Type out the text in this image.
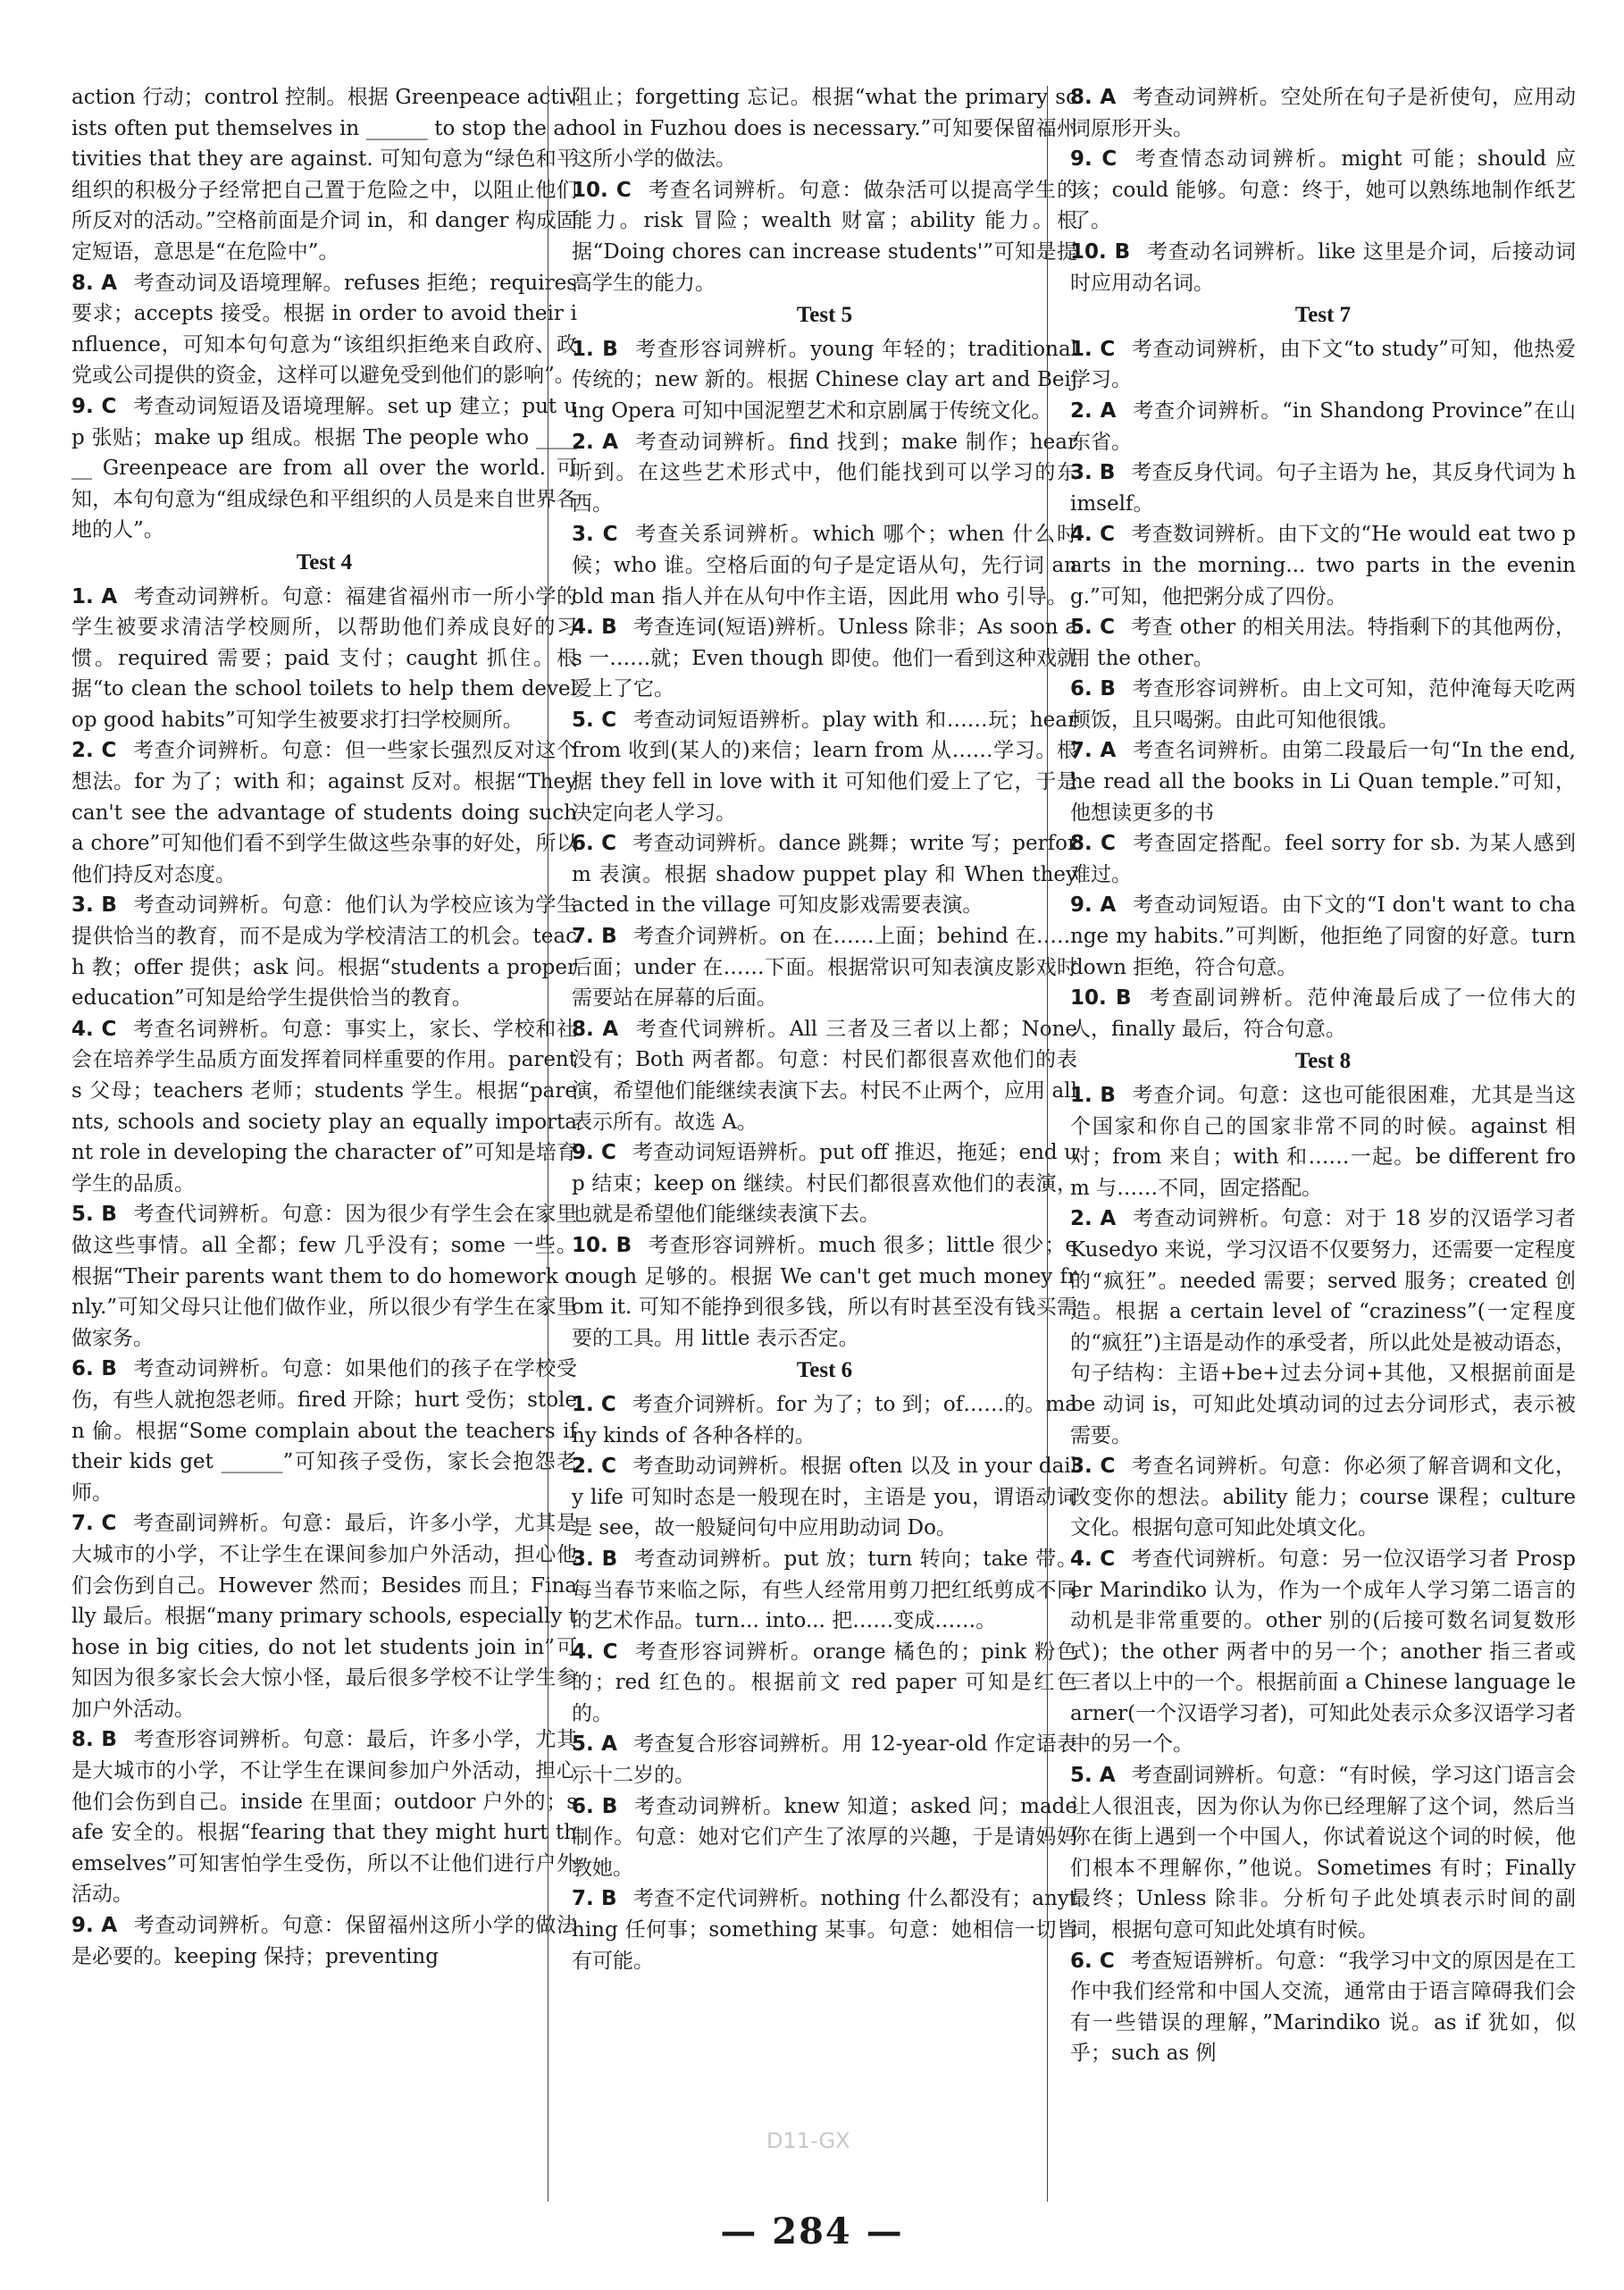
action 行动；control 控制。根据 Greenpeace activists often put themselves in ______ to stop the activities that they are against. 可知句意为“绿色和平组织的积极分子经常把自己置于危险之中，以阻止他们所反对的活动。”空格前面是介词 in，和 danger 构成固定短语，意思是“在危险中”。

8. A 考查动词及语境理解。refuses 拒绝；requires 要求；accepts 接受。根据 in order to avoid their influence，可知本句句意为“该组织拒绝来自政府、政党或公司提供的资金，这样可以避免受到他们的影响”。

9. C 考查动词短语及语境理解。set up 建立；put up 张贴；make up 组成。根据 The people who ______ Greenpeace are from all over the world. 可知，本句句意为“组成绿色和平组织的人员是来自世界各地的人”。

Test 4

1. A 考查动词辨析。句意：福建省福州市一所小学的学生被要求清洁学校厕所，以帮助他们养成良好的习惯。required 需要；paid 支付；caught 抓住。根据“to clean the school toilets to help them develop good habits”可知学生被要求打扫学校厕所。

2. C 考查介词辨析。句意：但一些家长强烈反对这个想法。for 为了；with 和；against 反对。根据“They can't see the advantage of students doing such a chore”可知他们看不到学生做这些杂事的好处，所以他们持反对态度。

3. B 考查动词辨析。句意：他们认为学校应该为学生提供恰当的教育，而不是成为学校清洁工的机会。teach 教；offer 提供；ask 问。根据“students a proper education”可知是给学生提供恰当的教育。

4. C 考查名词辨析。句意：事实上，家长、学校和社会在培养学生品质方面发挥着同样重要的作用。parents 父母；teachers 老师；students 学生。根据“parents, schools and society play an equally important role in developing the character of”可知是培育学生的品质。

5. B 考查代词辨析。句意：因为很少有学生会在家里做这些事情。all 全都；few 几乎没有；some 一些。根据“Their parents want them to do homework only.”可知父母只让他们做作业，所以很少有学生在家里做家务。

6. B 考查动词辨析。句意：如果他们的孩子在学校受伤，有些人就抱怨老师。fired 开除；hurt 受伤；stolen 偷。根据“Some complain about the teachers if their kids get ______”可知孩子受伤，家长会抱怨老师。

7. C 考查副词辨析。句意：最后，许多小学，尤其是大城市的小学，不让学生在课间参加户外活动，担心他们会伤到自己。However 然而；Besides 而且；Finally 最后。根据“many primary schools, especially those in big cities, do not let students join in”可知因为很多家长会大惊小怪，最后很多学校不让学生参加户外活动。

8. B 考查形容词辨析。句意：最后，许多小学，尤其是大城市的小学，不让学生在课间参加户外活动，担心他们会伤到自己。inside 在里面；outdoor 户外的；safe 安全的。根据“fearing that they might hurt themselves”可知害怕学生受伤，所以不让他们进行户外活动。

9. A 考查动词辨析。句意：保留福州这所小学的做法是必要的。keeping 保持；preventing

阻止；forgetting 忘记。根据“what the primary school in Fuzhou does is necessary.”可知要保留福州这所小学的做法。

10. C 考查名词辨析。句意：做杂活可以提高学生的能力。risk 冒险；wealth 财富；ability 能力。根据“Doing chores can increase students'”可知是提高学生的能力。

Test 5

1. B 考查形容词辨析。young 年轻的；traditional 传统的；new 新的。根据 Chinese clay art and Beijing Opera 可知中国泥塑艺术和京剧属于传统文化。

2. A 考查动词辨析。find 找到；make 制作；hear 听到。在这些艺术形式中，他们能找到可以学习的东西。

3. C 考查关系词辨析。which 哪个；when 什么时候；who 谁。空格后面的句子是定语从句，先行词 an old man 指人并在从句中作主语，因此用 who 引导。

4. B 考查连词(短语)辨析。Unless 除非；As soon as 一……就；Even though 即使。他们一看到这种戏就爱上了它。

5. C 考查动词短语辨析。play with 和……玩；hear from 收到(某人的)来信；learn from 从……学习。根据 they fell in love with it 可知他们爱上了它，于是决定向老人学习。

6. C 考查动词辨析。dance 跳舞；write 写；perform 表演。根据 shadow puppet play 和 When they acted in the village 可知皮影戏需要表演。

7. B 考查介词辨析。on 在……上面；behind 在……后面；under 在……下面。根据常识可知表演皮影戏时需要站在屏幕的后面。

8. A 考查代词辨析。All 三者及三者以上都；None 没有；Both 两者都。句意：村民们都很喜欢他们的表演，希望他们能继续表演下去。村民不止两个，应用 all 表示所有。故选 A。

9. C 考查动词短语辨析。put off 推迟，拖延；end up 结束；keep on 继续。村民们都很喜欢他们的表演，也就是希望他们能继续表演下去。

10. B 考查形容词辨析。much 很多；little 很少；enough 足够的。根据 We can't get much money from it. 可知不能挣到很多钱，所以有时甚至没有钱买需要的工具。用 little 表示否定。

Test 6

1. C 考查介词辨析。for 为了；to 到；of……的。many kinds of 各种各样的。

2. C 考查助动词辨析。根据 often 以及 in your daily life 可知时态是一般现在时，主语是 you，谓语动词是 see，故一般疑问句中应用助动词 Do。

3. B 考查动词辨析。put 放；turn 转向；take 带。每当春节来临之际，有些人经常用剪刀把红纸剪成不同的艺术作品。turn... into... 把……变成……。

4. C 考查形容词辨析。orange 橘色的；pink 粉色的；red 红色的。根据前文 red paper 可知是红色的。

5. A 考查复合形容词辨析。用 12-year-old 作定语表示十二岁的。

6. B 考查动词辨析。knew 知道；asked 问；made 制作。句意：她对它们产生了浓厚的兴趣，于是请妈妈教她。

7. B 考查不定代词辨析。nothing 什么都没有；anything 任何事；something 某事。句意：她相信一切皆有可能。

8. A 考查动词辨析。空处所在句子是祈使句，应用动词原形开头。

9. C 考查情态动词辨析。might 可能；should 应该；could 能够。句意：终于，她可以熟练地制作纸艺了。

10. B 考查动名词辨析。like 这里是介词，后接动词时应用动名词。

Test 7

1. C 考查动词辨析，由下文“to study”可知，他热爱学习。

2. A 考查介词辨析。“in Shandong Province”在山东省。

3. B 考查反身代词。句子主语为 he，其反身代词为 himself。

4. C 考查数词辨析。由下文的“He would eat two parts in the morning... two parts in the evening.”可知，他把粥分成了四份。

5. C 考查 other 的相关用法。特指剩下的其他两份，用 the other。

6. B 考查形容词辨析。由上文可知，范仲淹每天吃两顿饭，且只喝粥。由此可知他很饿。

7. A 考查名词辨析。由第二段最后一句“In the end, he read all the books in Li Quan temple.”可知，他想读更多的书

8. C 考查固定搭配。feel sorry for sb. 为某人感到难过。

9. A 考查动词短语。由下文的“I don't want to change my habits.”可判断，他拒绝了同窗的好意。turn down 拒绝，符合句意。

10. B 考查副词辨析。范仲淹最后成了一位伟大的人，finally 最后，符合句意。

Test 8

1. B 考查介词。句意：这也可能很困难，尤其是当这个国家和你自己的国家非常不同的时候。against 相对；from 来自；with 和……一起。be different from 与……不同，固定搭配。

2. A 考查动词辨析。句意：对于 18 岁的汉语学习者 Kusedyo 来说，学习汉语不仅要努力，还需要一定程度的“疯狂”。needed 需要；served 服务；created 创造。根据 a certain level of “craziness”(一定程度的“疯狂”)主语是动作的承受者，所以此处是被动语态，句子结构：主语+be+过去分词+其他，又根据前面是 be 动词 is，可知此处填动词的过去分词形式，表示被需要。

3. C 考查名词辨析。句意：你必须了解音调和文化，改变你的想法。ability 能力；course 课程；culture 文化。根据句意可知此处填文化。

4. C 考查代词辨析。句意：另一位汉语学习者 Prosper Marindiko 认为，作为一个成年人学习第二语言的动机是非常重要的。other 别的(后接可数名词复数形式)；the other 两者中的另一个；another 指三者或三者以上中的一个。根据前面 a Chinese language learner(一个汉语学习者)，可知此处表示众多汉语学习者中的另一个。

5. A 考查副词辨析。句意：“有时候，学习这门语言会让人很沮丧，因为你认为你已经理解了这个词，然后当你在街上遇到一个中国人，你试着说这个词的时候，他们根本不理解你，”他说。Sometimes 有时；Finally 最终；Unless 除非。分析句子此处填表示时间的副词，根据句意可知此处填有时候。

6. C 考查短语辨析。句意：“我学习中文的原因是在工作中我们经常和中国人交流，通常由于语言障碍我们会有一些错误的理解，”Marindiko 说。as if 犹如，似乎；such as 例

D11-GX
— 284 —
